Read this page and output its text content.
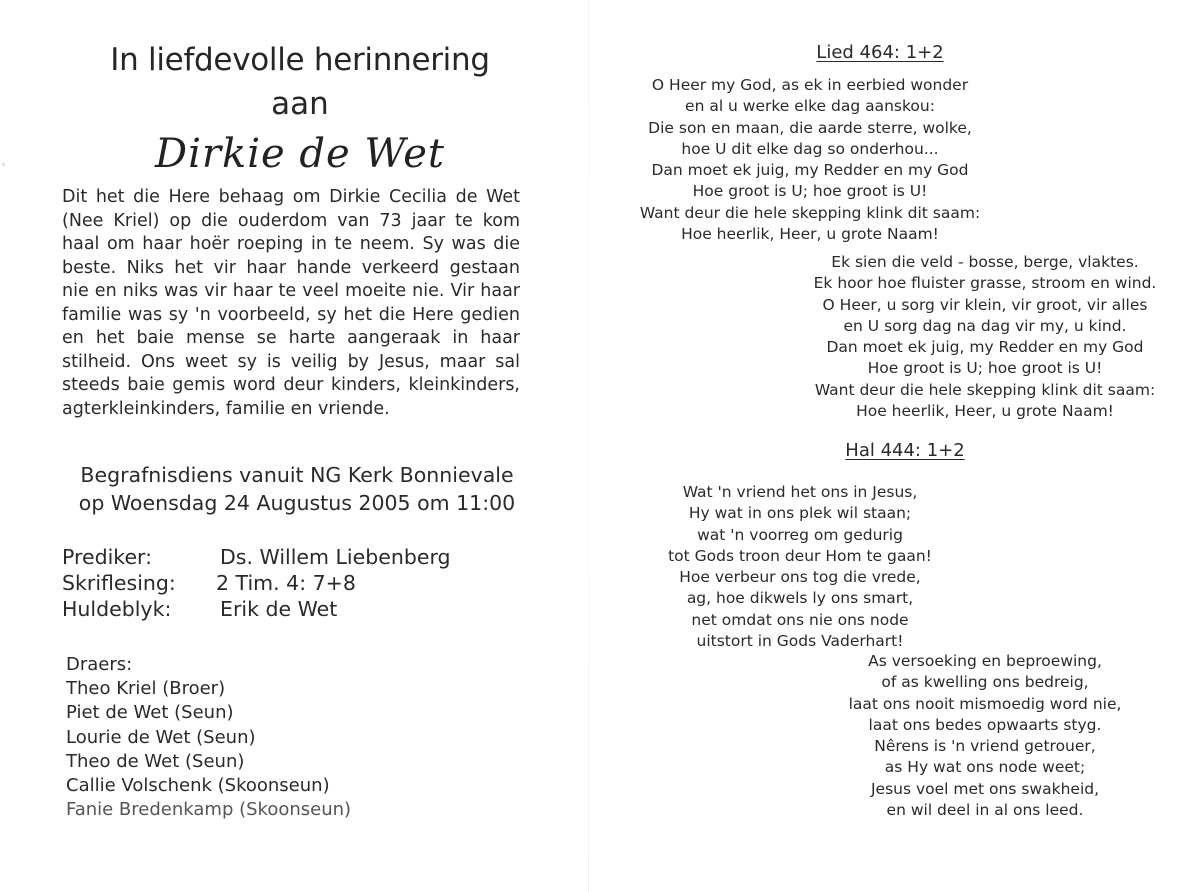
In liefdevolle herinnering
aan
Dirkie de Wet
Dit het die Here behaag om Dirkie Cecilia de Wet
(Nee Kriel) op die ouderdom van 73 jaar te kom
haal om haar hoër roeping in te neem. Sy was die
beste. Niks het vir haar hande verkeerd gestaan
nie en niks was vir haar te veel moeite nie. Vir haar
familie was sy 'n voorbeeld, sy het die Here gedien
en het baie mense se harte aangeraak in haar
stilheid. Ons weet sy is veilig by Jesus, maar sal
steeds baie gemis word deur kinders, kleinkinders,
agterkleinkinders, familie en vriende.
Begrafnisdiens vanuit NG Kerk Bonnievale
op Woensdag 24 Augustus 2005 om 11:00
Prediker:	Ds. Willem Liebenberg
Skriflesing:	2 Tim. 4: 7+8
Huldeblyk:	Erik de Wet
Draers:
Theo Kriel (Broer)
Piet de Wet (Seun)
Lourie de Wet (Seun)
Theo de Wet (Seun)
Callie Volschenk (Skoonseun)
Fanie Bredenkamp (Skoonseun)
Lied 464: 1+2
O Heer my God, as ek in eerbied wonder
en al u werke elke dag aanskou:
Die son en maan, die aarde sterre, wolke,
hoe U dit elke dag so onderhou...
Dan moet ek juig, my Redder en my God
Hoe groot is U; hoe groot is U!
Want deur die hele skepping klink dit saam:
Hoe heerlik, Heer, u grote Naam!
Ek sien die veld - bosse, berge, vlaktes.
Ek hoor hoe fluister grasse, stroom en wind.
O Heer, u sorg vir klein, vir groot, vir alles
en U sorg dag na dag vir my, u kind.
Dan moet ek juig, my Redder en my God
Hoe groot is U; hoe groot is U!
Want deur die hele skepping klink dit saam:
Hoe heerlik, Heer, u grote Naam!
Hal 444: 1+2
Wat 'n vriend het ons in Jesus,
Hy wat in ons plek wil staan;
wat 'n voorreg om gedurig
tot Gods troon deur Hom te gaan!
Hoe verbeur ons tog die vrede,
ag, hoe dikwels ly ons smart,
net omdat ons nie ons node
uitstort in Gods Vaderhart!
As versoeking en beproewing,
of as kwelling ons bedreig,
laat ons nooit mismoedig word nie,
laat ons bedes opwaarts styg.
Nêrens is 'n vriend getrouer,
as Hy wat ons node weet;
Jesus voel met ons swakheid,
en wil deel in al ons leed.
